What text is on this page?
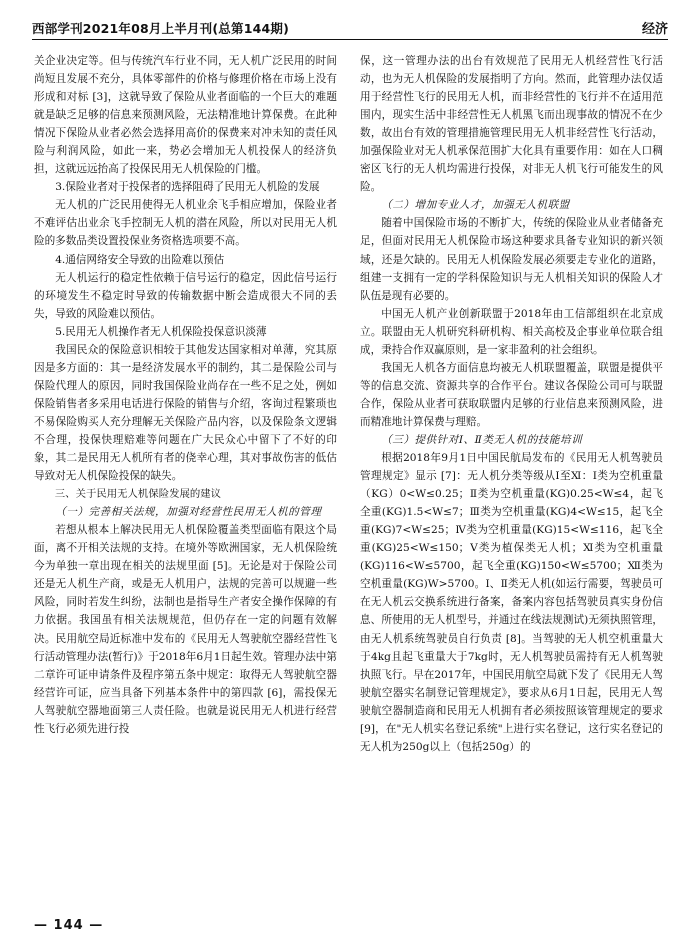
西部学刊2021年08月上半月刊(总第144期)	经济
关企业决定等。但与传统汽车行业不同，无人机广泛民用的时间尚短且发展不充分，具体零部件的价格与修理价格在市场上没有形成和对标 [3]，这就导致了保险从业者面临的一个巨大的难题就是缺乏足够的信息来预测风险，无法精准地计算保费。在此种情况下保险从业者必然会选择用高价的保费来对冲未知的责任风险与利润风险，如此一来，势必会增加无人机投保人的经济负担，这就远远抬高了投保民用无人机保险的门槛。
3.保险业者对于投保者的选择阻碍了民用无人机险的发展
无人机的广泛民用使得无人机业余飞手相应增加，保险业者不难评估出业余飞手控制无人机的潜在风险，所以对民用无人机险的多数品类设置投保业务资格选项要不高。
4.通信网络安全导致的出险难以预估
无人机运行的稳定性依赖于信号运行的稳定，因此信号运行的环境发生不稳定时导致的传输数据中断会造成很大不同的丢失，导致的风险难以预估。
5.民用无人机操作者无人机保险投保意识淡薄
我国民众的保险意识相较于其他发达国家相对单薄，究其原因是多方面的：其一是经济发展水平的制约，其二是保险公司与保险代理人的原因，同时我国保险业尚存在一些不足之处，例如保险销售者多采用电话进行保险的销售与介绍，客询过程繁琐也不易保险购买人充分理解无关保险产品内容，以及保险条文逻辑不合理，投保快理赔难等问题在广大民众心中留下了不好的印象，其二是民用无人机所有者的侥幸心理，其对事故伤害的低估导致对无人机保险投保的缺失。
三、关于民用无人机保险发展的建议
（一）完善相关法规，加强对经营性民用无人机的管理
若想从根本上解决民用无人机保险覆盖类型面临有限这个局面，离不开相关法规的支持。在境外等欧洲国家，无人机保险统今为单独一章出现在相关的法规里面 [5]。无论是对于保险公司还是无人机生产商，或是无人机用户，法规的完善可以规避一些风险，同时若发生纠纷，法制也是指导生产者安全操作保障的有力依据。我国虽有相关法规规范，但仍存在一定的问题有效解决。民用航空局近标准中发布的《民用无人驾驶航空器经营性飞行活动管理办法(暂行)》于2018年6月1日起生效。管理办法中第二章许可证申请条件及程序第五条中规定：取得无人驾驶航空器经营许可证，应当具备下列基本条件中的第四款 [6]，需投保无人驾驶航空器地面第三人责任险。也就是说民用无人机进行经营性飞行必须先进行投
保，这一管理办法的出台有效规范了民用无人机经营性飞行活动，也为无人机保险的发展指明了方向。然而，此管理办法仅适用于经营性飞行的民用无人机，而非经营性的飞行并不在适用范围内，现实生活中非经营性无人机黑飞而出现事故的情况不在少数，故出台有效的管理措施管理民用无人机非经营性飞行活动，加强保险业对无人机承保范围扩大化具有重要作用：如在人口稠密区飞行的无人机均需进行投保，对非无人机飞行可能发生的风险。
（二）增加专业人才，加强无人机联盟
随着中国保险市场的不断扩大，传统的保险业从业者储备充足，但面对民用无人机保险市场这种要求具备专业知识的新兴领域，还是欠缺的。民用无人机保险发展必须要走专业化的道路，组建一支拥有一定的学科保险知识与无人机相关知识的保险人才队伍是现有必要的。
中国无人机产业创新联盟于2018年由工信部组织在北京成立。联盟由无人机研究科研机构、相关高校及企事业单位联合组成，秉持合作双赢原则，是一家非盈利的社会组织。
我国无人机各方面信息均被无人机联盟覆盖，联盟是提供平等的信息交流、资源共享的合作平台。建议各保险公司可与联盟合作，保险从业者可获取联盟内足够的行业信息来预测风险，进而精准地计算保费与理赔。
（三）提供针对Ⅰ、Ⅱ类无人机的技能培训
根据2018年9月1日中国民航局发布的《民用无人机驾驶员管理规定》显示 [7]：无人机分类等级从Ⅰ至Ⅺ：Ⅰ类为空机重量（KG）0<W≤0.25；Ⅱ类为空机重量(KG)0.25<W≤4，起飞全重(KG)1.5<W≤7；Ⅲ类为空机重量(KG)4<W≤15，起飞全重(KG)7<W≤25；Ⅳ类为空机重量(KG)15<W≤116，起飞全重(KG)25<W≤150；Ⅴ类为植保类无人机；Ⅺ类为空机重量(KG)116<W≤5700，起飞全重(KG)150<W≤5700；Ⅻ类为空机重量(KG)W>5700。Ⅰ、Ⅱ类无人机(如运行需要，驾驶员可在无人机云交换系统进行备案，备案内容包括驾驶员真实身份信息、所使用的无人机型号，并通过在线法规测试)无须执照管理，由无人机系统驾驶员自行负责 [8]。当驾驶的无人机空机重量大于4kg且起飞重量大于7kg时，无人机驾驶员需持有无人机驾驶执照飞行。早在2017年，中国民用航空局就下发了《民用无人驾驶航空器实名制登记管理规定》，要求从6月1日起，民用无人驾驶航空器制造商和民用无人机拥有者必须按照该管理规定的要求 [9]，在"无人机实名登记系统"上进行实名登记，这行实名登记的无人机为250g以上（包括250g）的
— 144 —
